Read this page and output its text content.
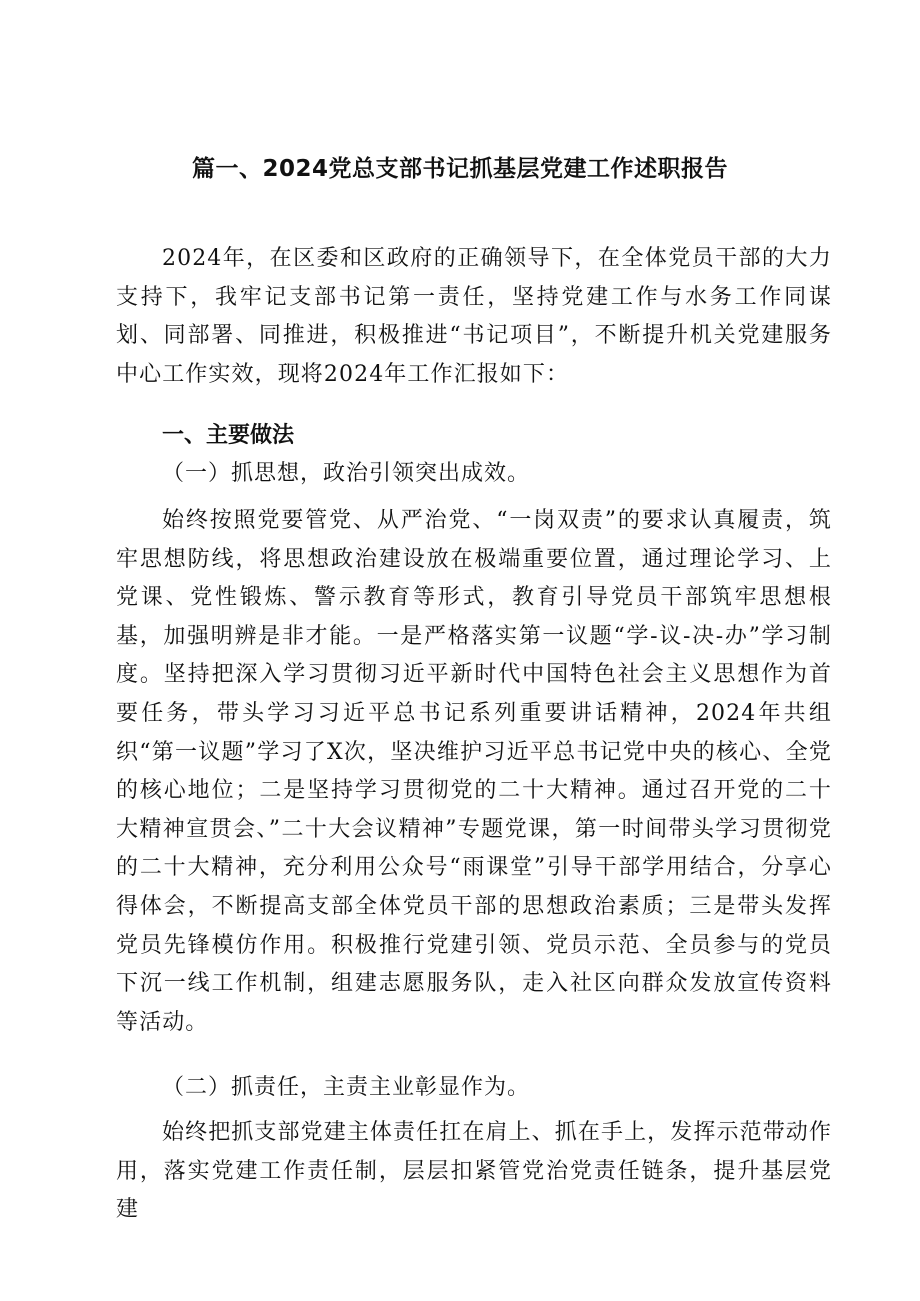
篇一、2024党总支部书记抓基层党建工作述职报告

2024年，在区委和区政府的正确领导下，在全体党员干部的大力支持下，我牢记支部书记第一责任，坚持党建工作与水务工作同谋划、同部署、同推进，积极推进“书记项目”，不断提升机关党建服务中心工作实效，现将2024年工作汇报如下：

一、主要做法
（一）抓思想，政治引领突出成效。

始终按照党要管党、从严治党、“一岗双责”的要求认真履责，筑牢思想防线，将思想政治建设放在极端重要位置，通过理论学习、上党课、党性锻炼、警示教育等形式，教育引导党员干部筑牢思想根基，加强明辨是非才能。一是严格落实第一议题“学-议-决-办”学习制度。坚持把深入学习贯彻习近平新时代中国特色社会主义思想作为首要任务，带头学习习近平总书记系列重要讲话精神，2024年共组织“第一议题”学习了X次，坚决维护习近平总书记党中央的核心、全党的核心地位；二是坚持学习贯彻党的二十大精神。通过召开党的二十大精神宣贯会、”二十大会议精神”专题党课，第一时间带头学习贯彻党的二十大精神，充分利用公众号“雨课堂”引导干部学用结合，分享心得体会，不断提高支部全体党员干部的思想政治素质；三是带头发挥党员先锋模仿作用。积极推行党建引领、党员示范、全员参与的党员下沉一线工作机制，组建志愿服务队，走入社区向群众发放宣传资料等活动。

（二）抓责任，主责主业彰显作为。

始终把抓支部党建主体责任扛在肩上、抓在手上，发挥示范带动作用，落实党建工作责任制，层层扣紧管党治党责任链条，提升基层党建
